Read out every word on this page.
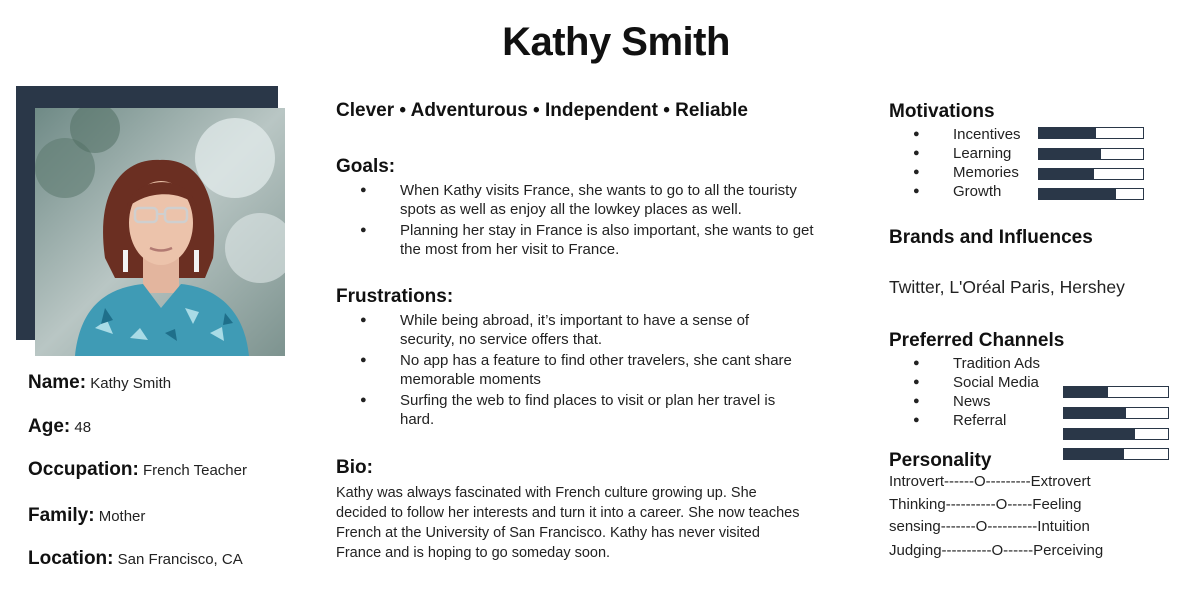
Kathy Smith
Name: Kathy Smith
Age: 48
Occupation: French Teacher
Family: Mother
Location: San Francisco, CA
Clever • Adventurous • Independent • Reliable
Goals:
● When Kathy visits France, she wants to go to all the touristy spots as well as enjoy all the lowkey places as well.
● Planning her stay in France is also important, she wants to get the most from her visit to France.
Frustrations:
● While being abroad, it’s important to have a sense of security, no service offers that.
● No app has a feature to find other travelers, she cant share memorable moments
● Surfing the web to find places to visit or plan her travel is hard.
Bio:
Kathy was always fascinated with French culture growing up. She decided to follow her interests and turn it into a career. She now teaches French at the University of San Francisco. Kathy has never visited France and is hoping to go someday soon.
Motivations
● Incentives
● Learning
● Memories
● Growth
Brands and Influences
Twitter, L'Oréal Paris, Hershey
Preferred Channels
● Tradition Ads
● Social Media
● News
● Referral
Personality
Introvert------O---------Extrovert
Thinking----------O-----Feeling
sensing-------O----------Intuition
Judging----------O------Perceiving
